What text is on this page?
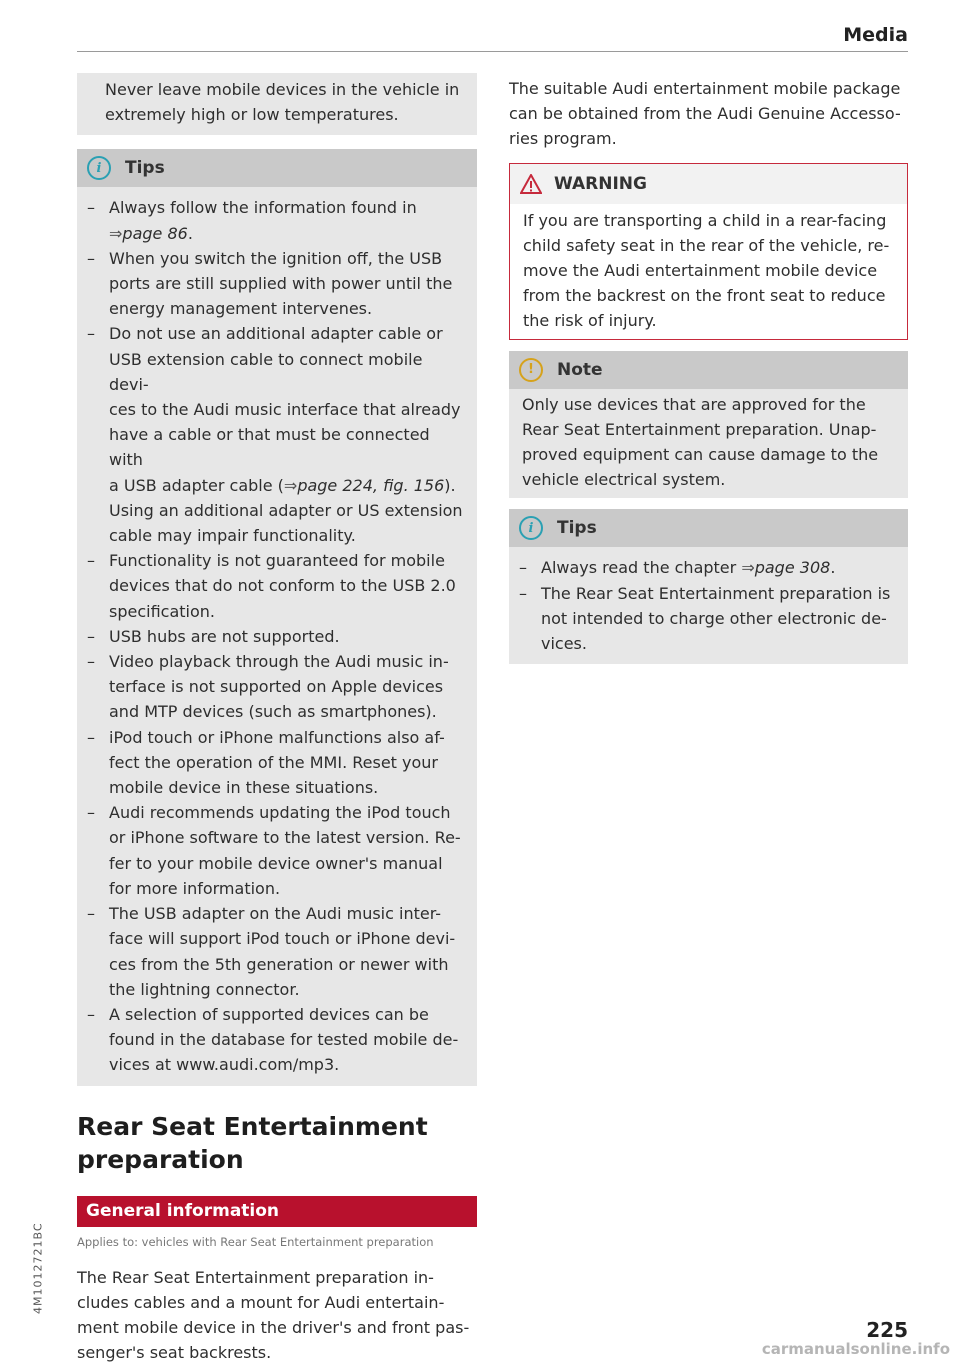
Media
Never leave mobile devices in the vehicle in
extremely high or low temperatures.
i	Tips
– Always follow the information found in
⇒page 86.
– When you switch the ignition off, the USB
ports are still supplied with power until the
energy management intervenes.
– Do not use an additional adapter cable or
USB extension cable to connect mobile devi-
ces to the Audi music interface that already
have a cable or that must be connected with
a USB adapter cable (⇒page 224, fig. 156).
Using an additional adapter or US extension
cable may impair functionality.
– Functionality is not guaranteed for mobile
devices that do not conform to the USB 2.0
specification.
– USB hubs are not supported.
– Video playback through the Audi music in-
terface is not supported on Apple devices
and MTP devices (such as smartphones).
– iPod touch or iPhone malfunctions also af-
fect the operation of the MMI. Reset your
mobile device in these situations.
– Audi recommends updating the iPod touch
or iPhone software to the latest version. Re-
fer to your mobile device owner's manual
for more information.
– The USB adapter on the Audi music inter-
face will support iPod touch or iPhone devi-
ces from the 5th generation or newer with
the lightning connector.
– A selection of supported devices can be
found in the database for tested mobile de-
vices at www.audi.com/mp3.
Rear Seat Entertainment
preparation
General information
Applies to: vehicles with Rear Seat Entertainment preparation
The Rear Seat Entertainment preparation in-
cludes cables and a mount for Audi entertain-
ment mobile device in the driver's and front pas-
senger's seat backrests.
The suitable Audi entertainment mobile package
can be obtained from the Audi Genuine Accesso-
ries program.
WARNING
If you are transporting a child in a rear-facing
child safety seat in the rear of the vehicle, re-
move the Audi entertainment mobile device
from the backrest on the front seat to reduce
the risk of injury.
!	Note
Only use devices that are approved for the
Rear Seat Entertainment preparation. Unap-
proved equipment can cause damage to the
vehicle electrical system.
i	Tips
– Always read the chapter ⇒page 308.
– The Rear Seat Entertainment preparation is
not intended to charge other electronic de-
vices.
4M1012721BC
225
carmanualsonline.info
